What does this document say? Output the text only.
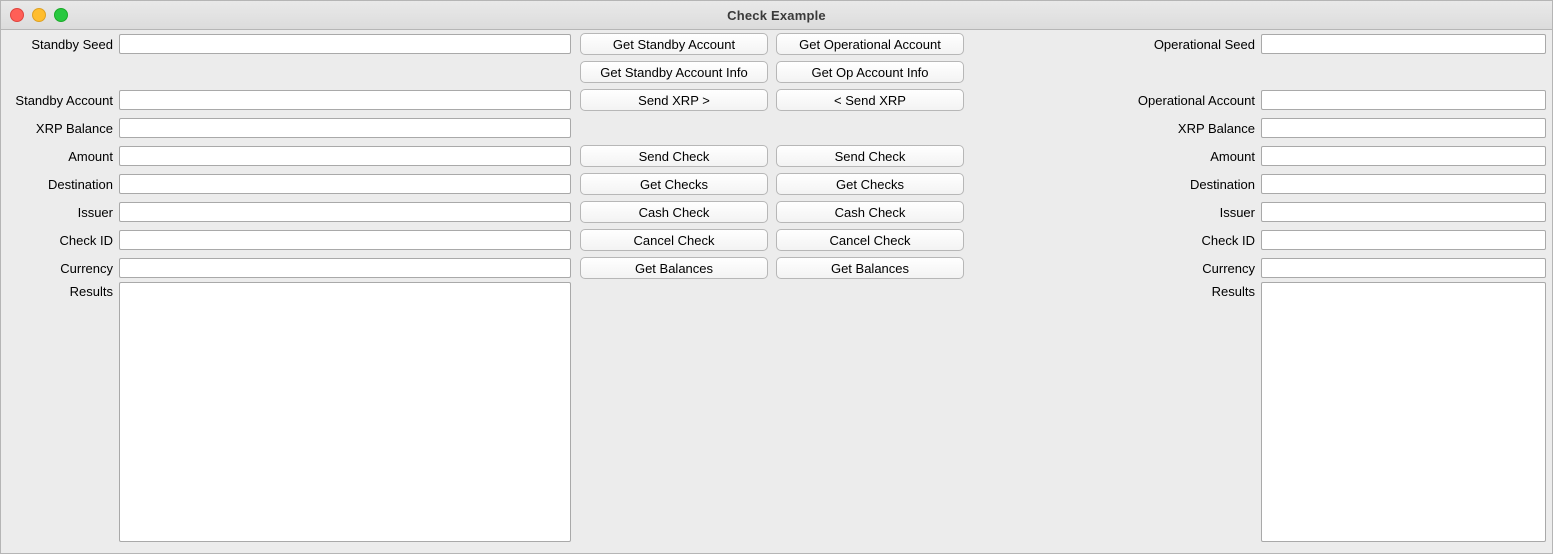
Check Example
Standby Seed
Standby Account
XRP Balance
Amount
Destination
Issuer
Check ID
Currency
Results
Get Standby Account	Get Operational Account
Get Standby Account Info	Get Op Account Info
Send XRP >	< Send XRP
Send Check	Send Check
Get Checks	Get Checks
Cash Check	Cash Check
Cancel Check	Cancel Check
Get Balances	Get Balances
Operational Seed
Operational Account
XRP Balance
Amount
Destination
Issuer
Check ID
Currency
Results
